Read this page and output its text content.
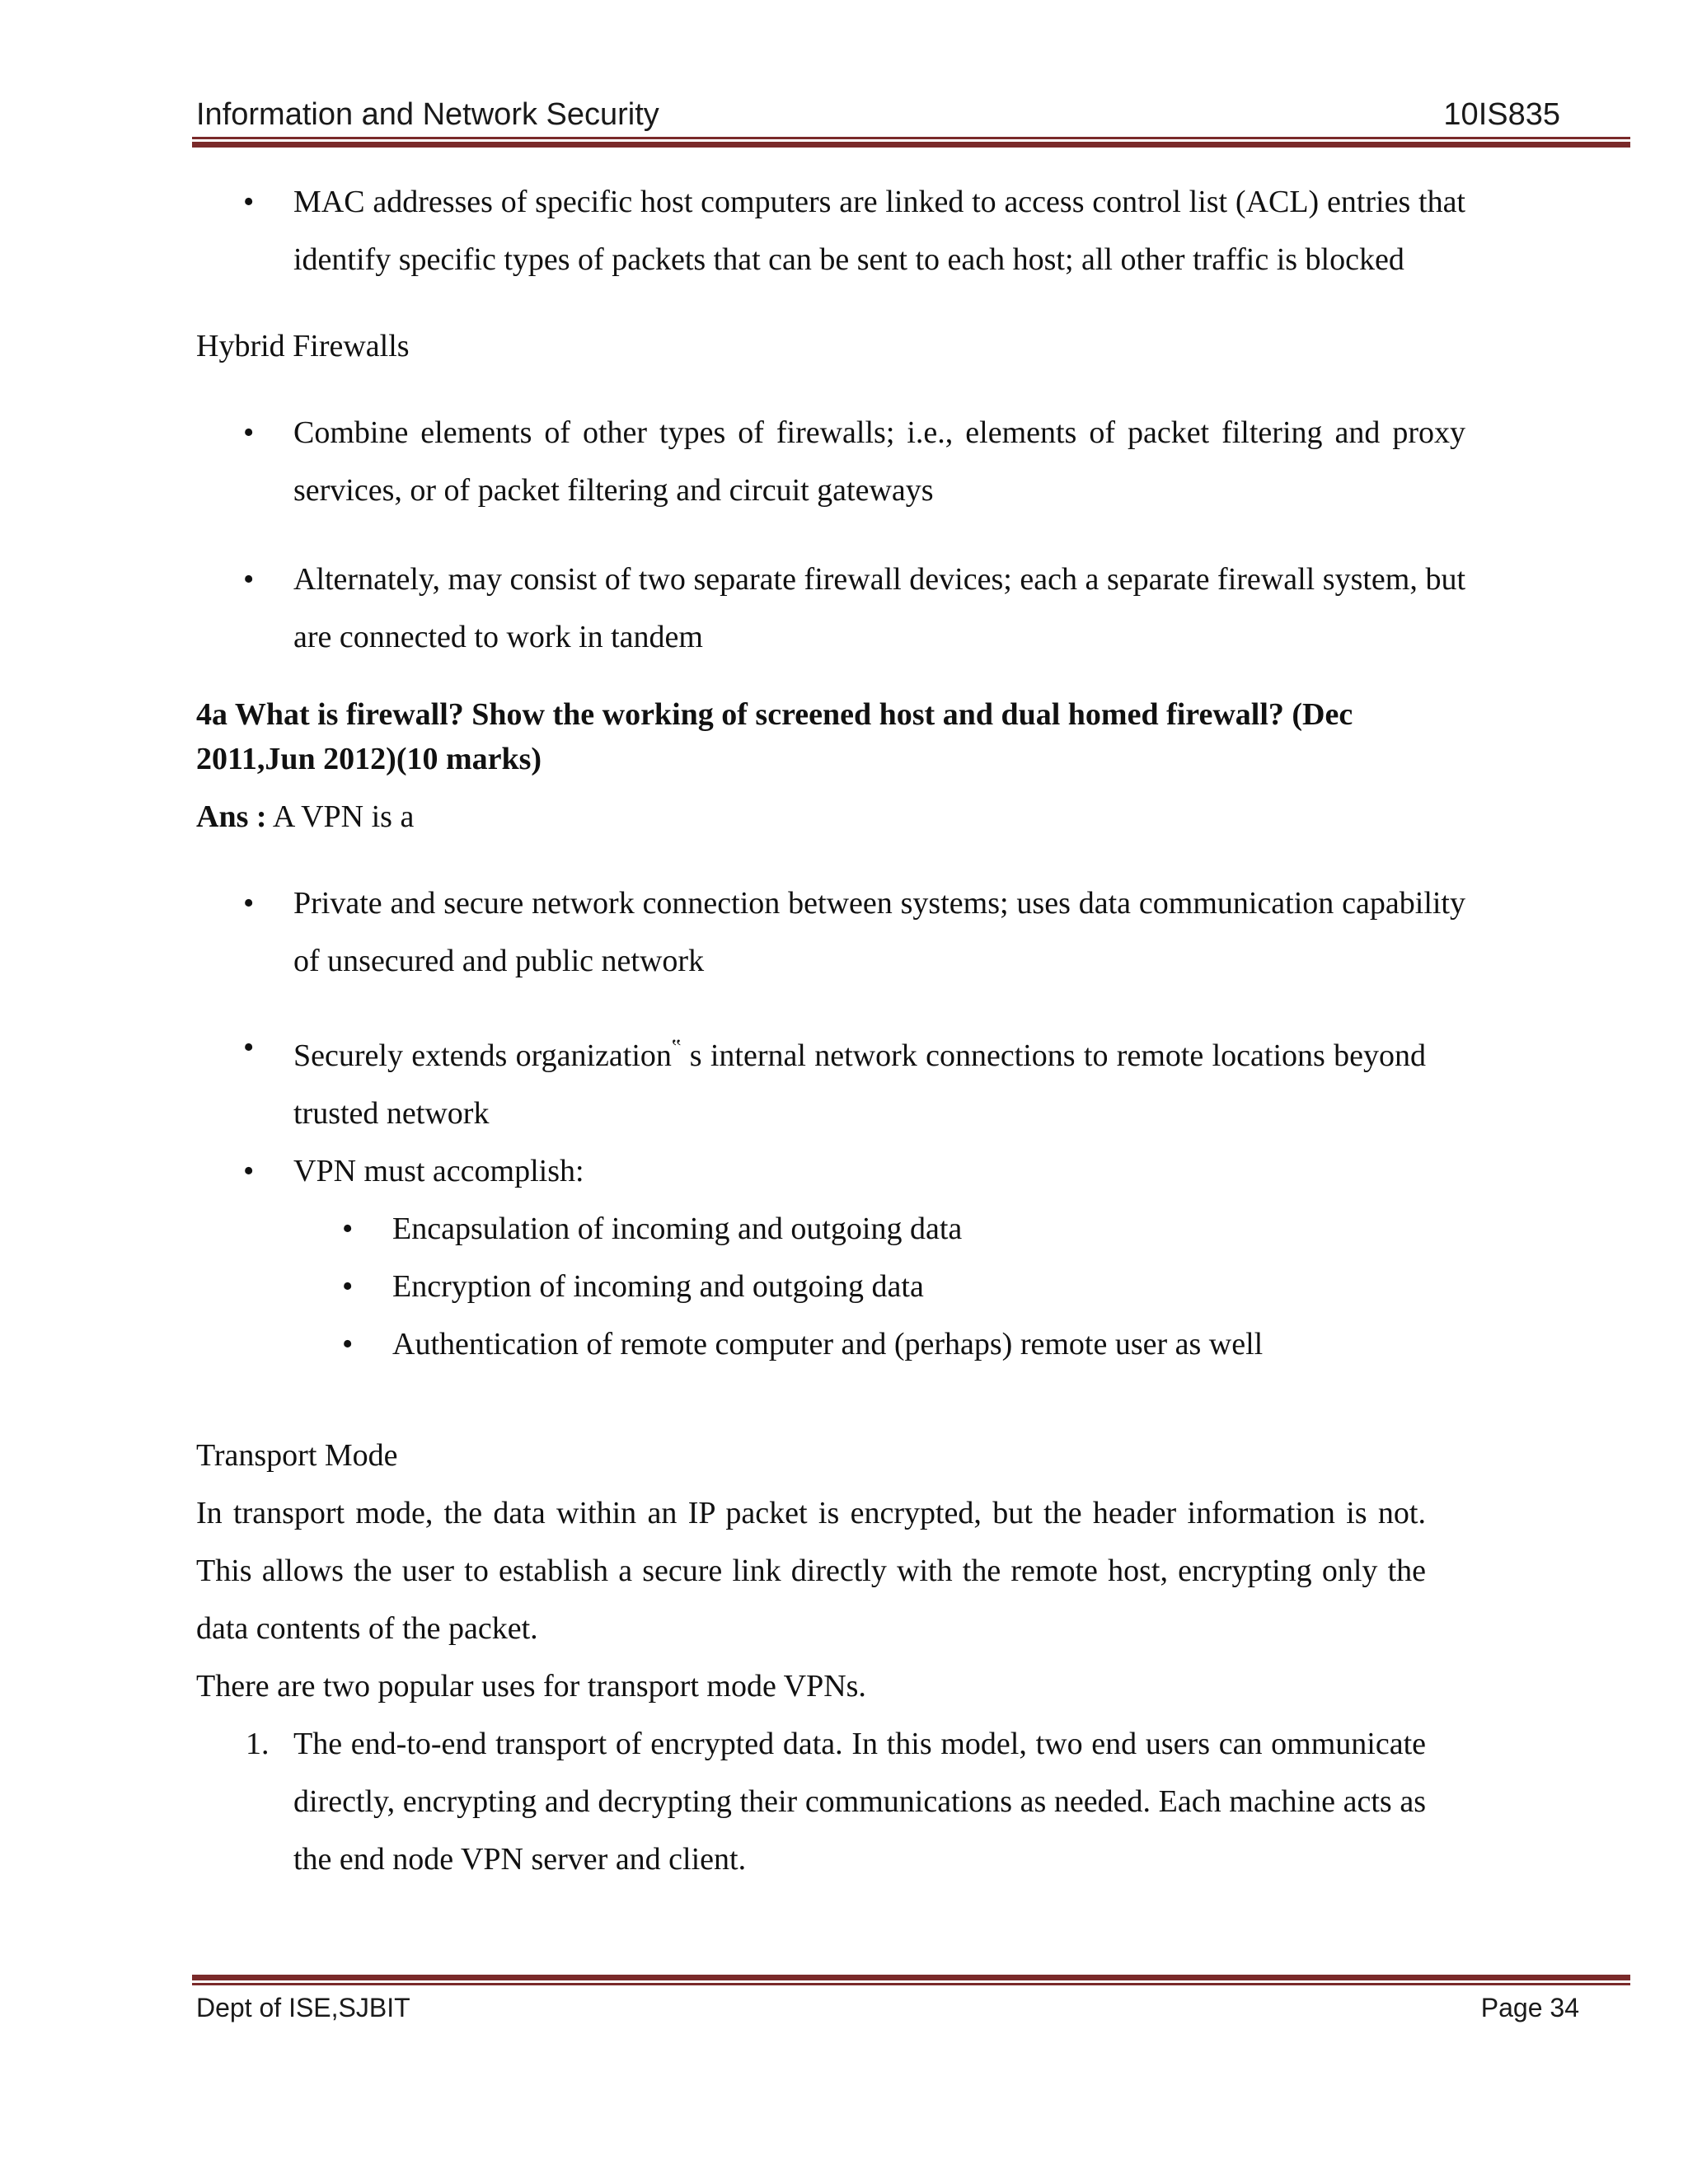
Information and Network Security	10IS835
• MAC addresses of specific host computers are linked to access control list (ACL) entries that identify specific types of packets that can be sent to each host; all other traffic is blocked

Hybrid Firewalls

• Combine elements of other types of firewalls; i.e., elements of packet filtering and proxy services, or of packet filtering and circuit gateways
• Alternately, may consist of two separate firewall devices; each a separate firewall system, but are connected to work in tandem

4a What is firewall? Show the working of screened host and dual homed firewall? (Dec 2011,Jun 2012)(10 marks)

Ans : A VPN is a

• Private and secure network connection between systems; uses data communication capability of unsecured and public network
• Securely extends organization‟ s internal network connections to remote locations beyond trusted network
• VPN must accomplish:
• Encapsulation of incoming and outgoing data
• Encryption of incoming and outgoing data
• Authentication of remote computer and (perhaps) remote user as well

Transport Mode

In transport mode, the data within an IP packet is encrypted, but the header information is not. This allows the user to establish a secure link directly with the remote host, encrypting only the data contents of the packet.

There are two popular uses for transport mode VPNs.

1. The end-to-end transport of encrypted data. In this model, two end users can ommunicate directly, encrypting and decrypting their communications as needed. Each machine acts as the end node VPN server and client.
Dept of ISE,SJBIT	Page 34
